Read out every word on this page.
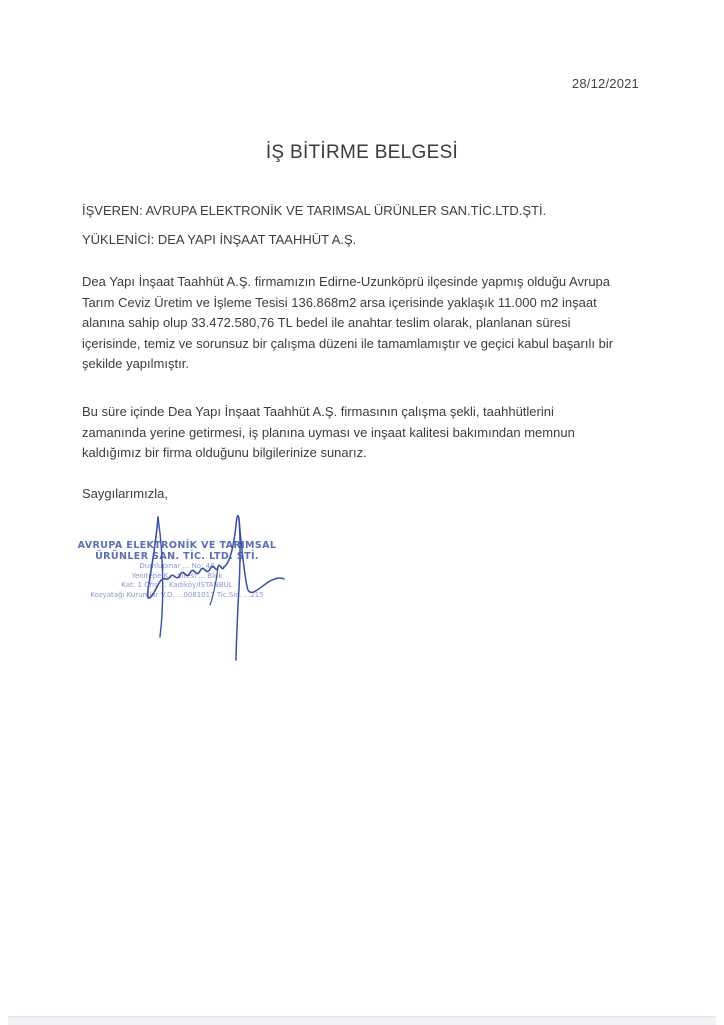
28/12/2021
İŞ BİTİRME BELGESİ
İŞVEREN: AVRUPA ELEKTRONİK VE TARIMSAL ÜRÜNLER SAN.TİC.LTD.ŞTİ.
YÜKLENİCİ: DEA YAPI İNŞAAT TAAHHÜT A.Ş.

Dea Yapı İnşaat Taahhüt A.Ş. firmamızın Edirne-Uzunköprü ilçesinde yapmış olduğu Avrupa
Tarım Ceviz Üretim ve İşleme Tesisi 136.868m2 arsa içerisinde yaklaşık 11.000 m2 inşaat
alanına sahip olup 33.472.580,76 TL bedel ile anahtar teslim olarak, planlanan süresi
içerisinde, temiz ve sorunsuz bir çalışma düzeni ile tamamlamıştır ve geçici kabul başarılı bir
şekilde yapılmıştır.

Bu süre içinde Dea Yapı İnşaat Taahhüt A.Ş. firmasının çalışma şekli, taahhütlerini
zamanında yerine getirmesi, iş planına uyması ve inşaat kalitesi bakımından memnun
kaldığımız bir firma olduğunu bilgilerinize sunarız.

Saygılarımızla,
AVRUPA ELEKTRONİK VE TARIMSAL
ÜRÜNLER SAN. TİC. LTD. ŞTİ.
Dumlupınar ... No: 48
Yenitepe K... Sitesi ... Blok
Kat: 1 Ofis ... Kadıköy/İSTANBUL
Kozyatağı Kurumlar V.D. ...0081017 Tic.Sic. ...215
